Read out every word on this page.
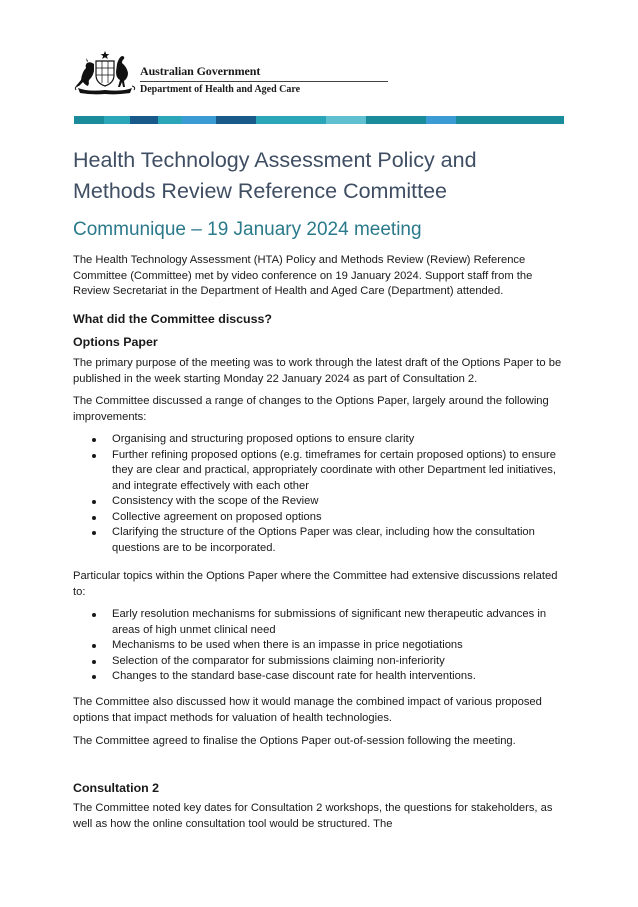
Australian Government
Department of Health and Aged Care
Health Technology Assessment Policy and Methods Review Reference Committee
Communique – 19 January 2024 meeting

The Health Technology Assessment (HTA) Policy and Methods Review (Review) Reference Committee (Committee) met by video conference on 19 January 2024. Support staff from the Review Secretariat in the Department of Health and Aged Care (Department) attended.

What did the Committee discuss?
Options Paper

The primary purpose of the meeting was to work through the latest draft of the Options Paper to be published in the week starting Monday 22 January 2024 as part of Consultation 2.

The Committee discussed a range of changes to the Options Paper, largely around the following improvements:

Organising and structuring proposed options to ensure clarity
Further refining proposed options (e.g. timeframes for certain proposed options) to ensure they are clear and practical, appropriately coordinate with other Department led initiatives, and integrate effectively with each other
Consistency with the scope of the Review
Collective agreement on proposed options
Clarifying the structure of the Options Paper was clear, including how the consultation questions are to be incorporated.

Particular topics within the Options Paper where the Committee had extensive discussions related to:

Early resolution mechanisms for submissions of significant new therapeutic advances in areas of high unmet clinical need
Mechanisms to be used when there is an impasse in price negotiations
Selection of the comparator for submissions claiming non-inferiority
Changes to the standard base-case discount rate for health interventions.

The Committee also discussed how it would manage the combined impact of various proposed options that impact methods for valuation of health technologies.

The Committee agreed to finalise the Options Paper out-of-session following the meeting.

Consultation 2

The Committee noted key dates for Consultation 2 workshops, the questions for stakeholders, as well as how the online consultation tool would be structured. The
